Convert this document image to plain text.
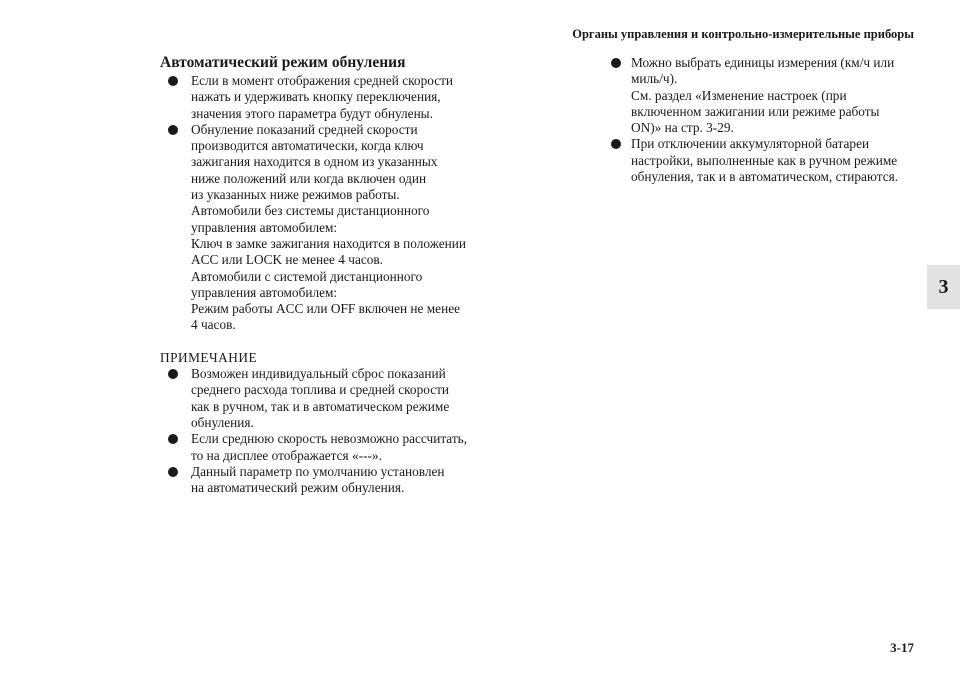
Органы управления и контрольно-измерительные приборы
3
Автоматический режим обнуления
Если в момент отображения средней скорости
нажать и удерживать кнопку переключения,
значения этого параметра будут обнулены.
Обнуление показаний средней скорости
производится автоматически, когда ключ
зажигания находится в одном из указанных
ниже положений или когда включен один
из указанных ниже режимов работы.
Автомобили без системы дистанционного
управления автомобилем:
Ключ в замке зажигания находится в положении
ACC или LOCK не менее 4 часов.
Автомобили с системой дистанционного
управления автомобилем:
Режим работы ACC или OFF включен не менее
4 часов.
ПРИМЕЧАНИЕ
Возможен индивидуальный сброс показаний
среднего расхода топлива и средней скорости
как в ручном, так и в автоматическом режиме
обнуления.
Если среднюю скорость невозможно рассчитать,
то на дисплее отображается «---».
Данный параметр по умолчанию установлен
на автоматический режим обнуления.
Можно выбрать единицы измерения (км/ч или
миль/ч).
См. раздел «Изменение настроек (при
включенном зажигании или режиме работы
ON)» на стр. 3-29.
При отключении аккумуляторной батареи
настройки, выполненные как в ручном режиме
обнуления, так и в автоматическом, стираются.
3-17
